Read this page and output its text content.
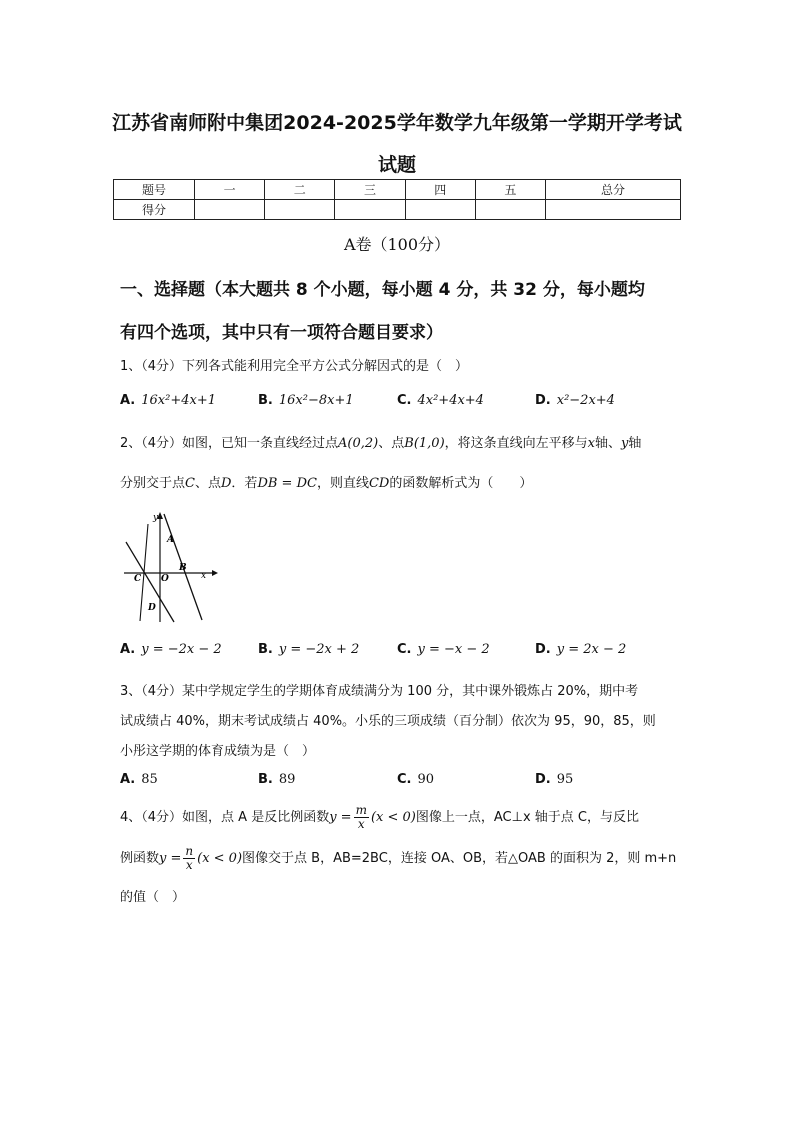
江苏省南师附中集团2024-2025学年数学九年级第一学期开学考试
试题
题号	一	二	三	四	五	总分
得分						
A卷（100分）
一、选择题（本大题共 8 个小题，每小题 4 分，共 32 分，每小题均
有四个选项，其中只有一项符合题目要求）
1、（4分）下列各式能利用完全平方公式分解因式的是（　）
A. 16x²+4x+1	B. 16x²−8x+1	C. 4x²+4x+4	D. x²−2x+4
2、（4分）如图，已知一条直线经过点A(0,2)、点B(1,0)，将这条直线向左平移与x轴、y轴
分别交于点C、点D．若DB = DC，则直线CD的函数解析式为（　　）
y
A
B
C O
D
x
A. y = −2x − 2	B. y = −2x + 2	C. y = −x − 2	D. y = 2x − 2
3、（4分）某中学规定学生的学期体育成绩满分为 100 分，其中课外锻炼占 20%，期中考
试成绩占 40%，期末考试成绩占 40%。小乐的三项成绩（百分制）依次为 95，90，85，则
小彤这学期的体育成绩为是（　）
A. 85	B. 89	C. 90	D. 95
4、（4分）如图，点 A 是反比例函数$y = \frac{m}{x} (x < 0)$图像上一点，AC⊥x 轴于点 C，与反比
例函数$y = \frac{n}{x} (x < 0)$图像交于点 B，AB=2BC，连接 OA、OB，若△OAB 的面积为 2，则 m+n
的值（　）
